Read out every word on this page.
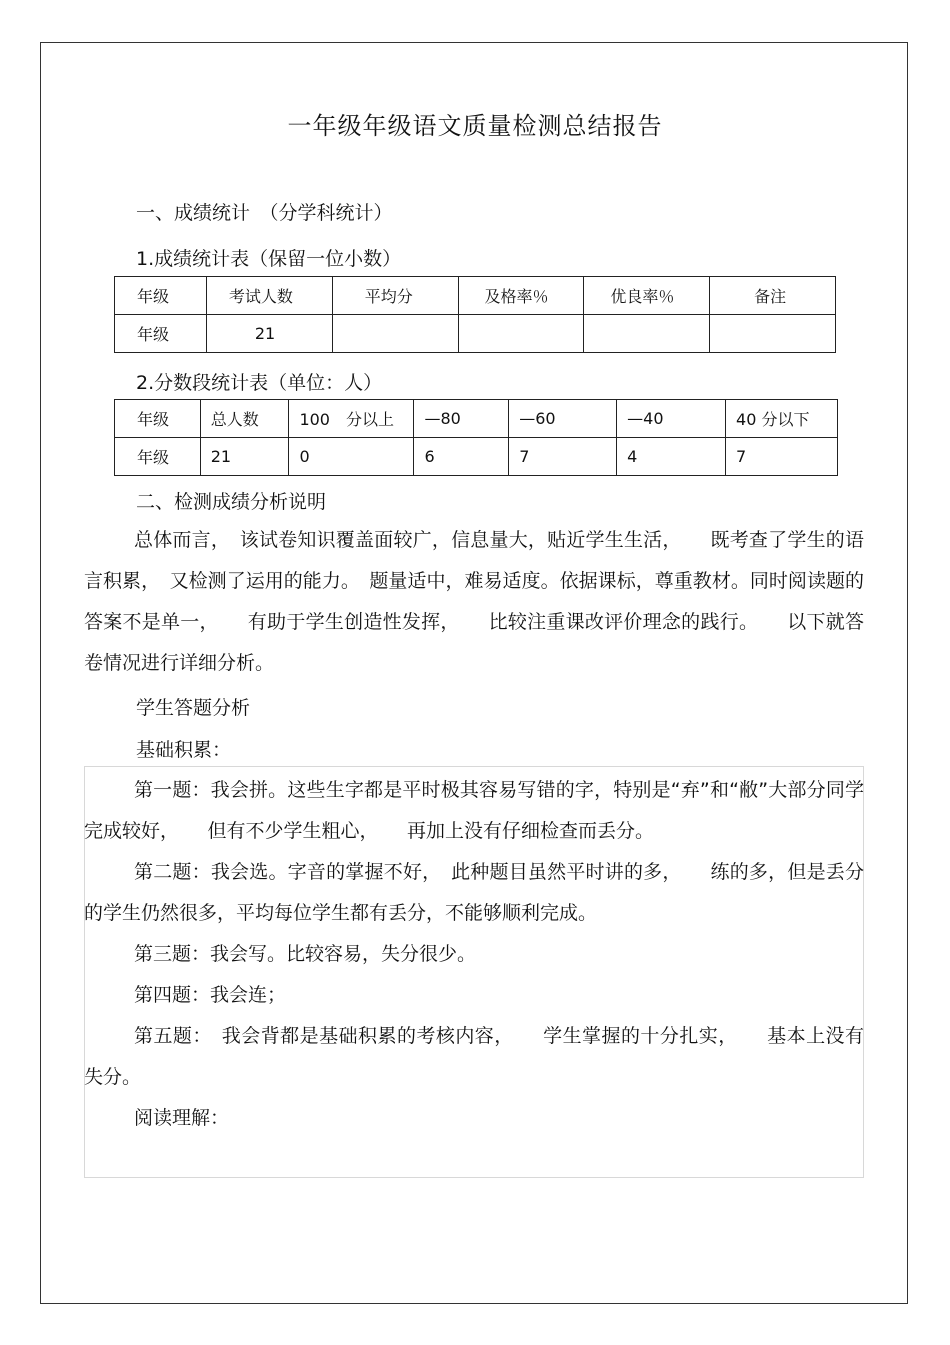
一年级年级语文质量检测总结报告
一、成绩统计　（分学科统计）
1.成绩统计表（保留一位小数）
年级	考试人数	平均分	及格率％	优良率％	备注
年级	21				
2.分数段统计表（单位：人）
年级	总人数	100　分以上	—80	—60	—40	40 分以下
年级	21	0	6	7	4	7
二、检测成绩分析说明

总体而言，　该试卷知识覆盖面较广，信息量大，贴近学生生活，　　既考查了学生的语言积累，　又检测了运用的能力。　题量适中，难易适度。依据课标，尊重教材。同时阅读题的答案不是单一，　　有助于学生创造性发挥，　　比较注重课改评价理念的践行。　　以下就答卷情况进行详细分析。

学生答题分析
基础积累：

第一题：我会拼。这些生字都是平时极其容易写错的字，特别是“弃”和“敝”大部分同学完成较好，　　但有不少学生粗心，　　再加上没有仔细检查而丢分。

第二题：我会选。字音的掌握不好，　此种题目虽然平时讲的多，　　练的多，但是丢分的学生仍然很多，平均每位学生都有丢分，不能够顺利完成。

第三题：我会写。比较容易，失分很少。

第四题：我会连；

第五题：　我会背都是基础积累的考核内容，　　学生掌握的十分扎实，　　基本上没有失分。

阅读理解：
